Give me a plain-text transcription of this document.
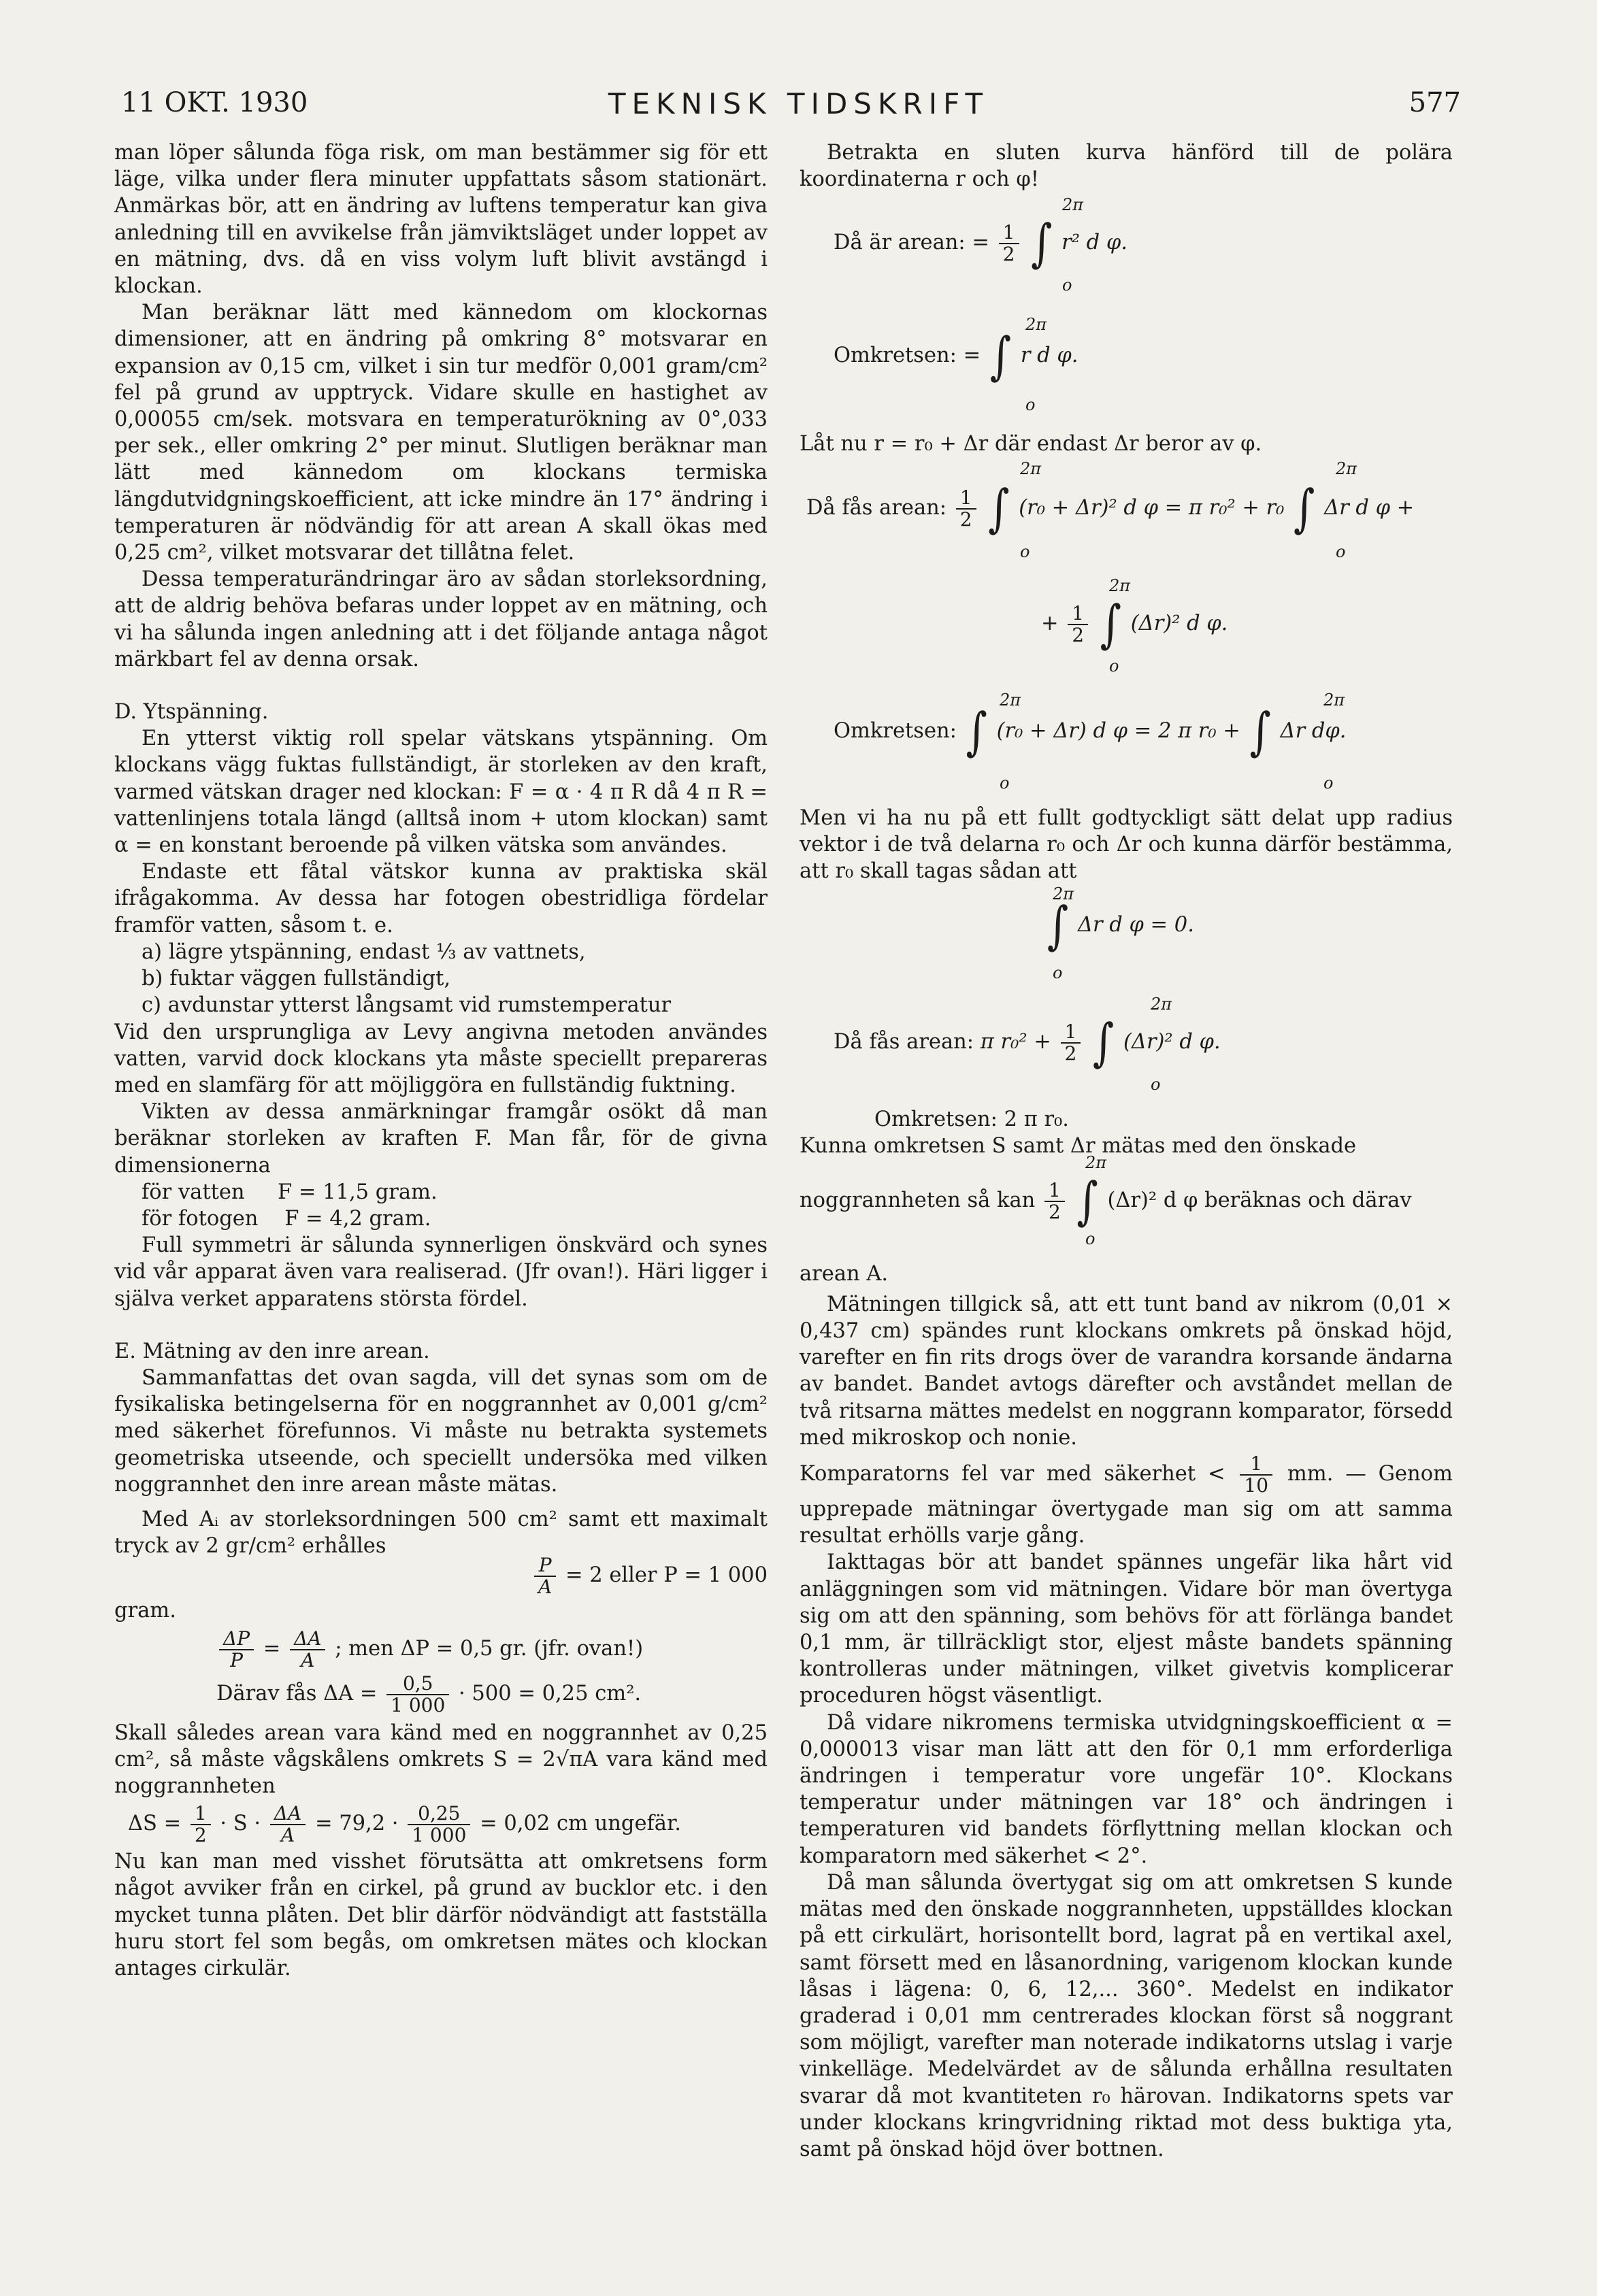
11 OKT. 1930	TEKNISK TIDSKRIFT	577

man löper sålunda föga risk, om man bestämmer sig för ett läge, vilka under flera minuter uppfattats såsom stationärt. Anmärkas bör, att en ändring av luftens temperatur kan giva anledning till en avvikelse från jämviktsläget under loppet av en mätning, dvs. då en viss volym luft blivit avstängd i klockan.

Man beräknar lätt med kännedom om klockornas dimensioner, att en ändring på omkring 8° motsvarar en expansion av 0,15 cm, vilket i sin tur medför 0,001 gram/cm² fel på grund av upptryck. Vidare skulle en hastighet av 0,00055 cm/sek. motsvara en temperaturökning av 0°,033 per sek., eller omkring 2° per minut. Slutligen beräknar man lätt med kännedom om klockans termiska längdutvidgningskoefficient, att icke mindre än 17° ändring i temperaturen är nödvändig för att arean A skall ökas med 0,25 cm², vilket motsvarar det tillåtna felet.

Dessa temperaturändringar äro av sådan storleksordning, att de aldrig behöva befaras under loppet av en mätning, och vi ha sålunda ingen anledning att i det följande antaga något märkbart fel av denna orsak.

D. Ytspänning.

En ytterst viktig roll spelar vätskans ytspänning. Om klockans vägg fuktas fullständigt, är storleken av den kraft, varmed vätskan drager ned klockan: F = α · 4 π R då 4 π R = vattenlinjens totala längd (alltså inom + utom klockan) samt α = en konstant beroende på vilken vätska som användes.

Endaste ett fåtal vätskor kunna av praktiska skäl ifrågakomma. Av dessa har fotogen obestridliga fördelar framför vatten, såsom t. e.

a) lägre ytspänning, endast ⅓ av vattnets,

b) fuktar väggen fullständigt,

c) avdunstar ytterst långsamt vid rumstemperatur

Vid den ursprungliga av Levy angivna metoden användes vatten, varvid dock klockans yta måste speciellt prepareras med en slamfärg för att möjliggöra en fullständig fuktning.

Vikten av dessa anmärkningar framgår osökt då man beräknar storleken av kraften F. Man får, för de givna dimensionerna

för vatten     F = 11,5 gram.

för fotogen    F = 4,2 gram.

Full symmetri är sålunda synnerligen önskvärd och synes vid vår apparat även vara realiserad. (Jfr ovan!). Häri ligger i själva verket apparatens största fördel.

E. Mätning av den inre arean.

Sammanfattas det ovan sagda, vill det synas som om de fysikaliska betingelserna för en noggrannhet av 0,001 g/cm² med säkerhet förefunnos. Vi måste nu betrakta systemets geometriska utseende, och speciellt undersöka med vilken noggrannhet den inre arean måste mätas.

Med Aᵢ av storleksordningen 500 cm² samt ett maximalt tryck av 2 gr/cm² erhålles

$\frac{P}{A} = 2$ eller P = 1 000

gram.

$\frac{\Delta P}{P} = \frac{\Delta A}{A}$ ; men ΔP = 0,5 gr. (jfr. ovan!)
Därav fås $\Delta A = \frac{0,5}{1 000} \cdot 500 = 0,25$ cm².

Skall således arean vara känd med en noggrannhet av 0,25 cm², så måste vågskålens omkrets S = 2√πA vara känd med noggrannheten

$\Delta S = \frac{1}{2} \cdot S \cdot \frac{\Delta A}{A} = 79,2 \cdot \frac{0,25}{1 000} = 0,02$ cm ungefär.

Nu kan man med visshet förutsätta att omkretsens form något avviker från en cirkel, på grund av bucklor etc. i den mycket tunna plåten. Det blir därför nödvändigt att fastställa huru stort fel som begås, om omkretsen mätes och klockan antages cirkulär.

Betrakta en sluten kurva hänförd till de polära koordinaterna r och φ!

Då är arean: = $\frac{1}{2}$ ∫ r² d φ.
2π
o
Omkretsen: = ∫ r d φ.
2π
o

Låt nu r = r₀ + Δr där endast Δr beror av φ.

Då fås arean: $\frac{1}{2}$ ∫ (r₀ + Δr)² d φ = π r₀² + r₀ ∫ Δr d φ +
2π
o
2π
o
+ $\frac{1}{2}$ ∫ (Δr)² d φ.
2π
o
Omkretsen: ∫ (r₀ + Δr) d φ = 2 π r₀ + ∫ Δr dφ.
2π
o
2π
o

Men vi ha nu på ett fullt godtyckligt sätt delat upp radius vektor i de två delarna r₀ och Δr och kunna därför bestämma, att r₀ skall tagas sådan att

∫ Δr d φ = 0.
2π
o
Då fås arean: π $r_0^2 + \frac{1}{2}$ ∫ (Δr)² d φ.
2π
o

Omkretsen: 2 π r₀.

Kunna omkretsen S samt Δr mätas med den önskade

noggrannheten så kan $\frac{1}{2}$ ∫ (Δr)² d φ beräknas och därav
2π
o

arean A.

Mätningen tillgick så, att ett tunt band av nikrom (0,01 × 0,437 cm) spändes runt klockans omkrets på önskad höjd, varefter en fin rits drogs över de varandra korsande ändarna av bandet. Bandet avtogs därefter och avståndet mellan de två ritsarna mättes medelst en noggrann komparator, försedd med mikroskop och nonie.

Komparatorns fel var med säkerhet < $\frac{1}{10}$ mm. — Genom upprepade mätningar övertygade man sig om att samma resultat erhölls varje gång.

Iakttagas bör att bandet spännes ungefär lika hårt vid anläggningen som vid mätningen. Vidare bör man övertyga sig om att den spänning, som behövs för att förlänga bandet 0,1 mm, är tillräckligt stor, eljest måste bandets spänning kontrolleras under mätningen, vilket givetvis komplicerar proceduren högst väsentligt.

Då vidare nikromens termiska utvidgningskoefficient α = 0,000013 visar man lätt att den för 0,1 mm erforderliga ändringen i temperatur vore ungefär 10°. Klockans temperatur under mätningen var 18° och ändringen i temperaturen vid bandets förflyttning mellan klockan och komparatorn med säkerhet < 2°.

Då man sålunda övertygat sig om att omkretsen S kunde mätas med den önskade noggrannheten, uppställdes klockan på ett cirkulärt, horisontellt bord, lagrat på en vertikal axel, samt försett med en låsanordning, varigenom klockan kunde låsas i lägena: 0, 6, 12,... 360°. Medelst en indikator graderad i 0,01 mm centrerades klockan först så noggrant som möjligt, varefter man noterade indikatorns utslag i varje vinkelläge. Medelvärdet av de sålunda erhållna resultaten svarar då mot kvantiteten r₀ härovan. Indikatorns spets var under klockans kringvridning riktad mot dess buktiga yta, samt på önskad höjd över bottnen.
